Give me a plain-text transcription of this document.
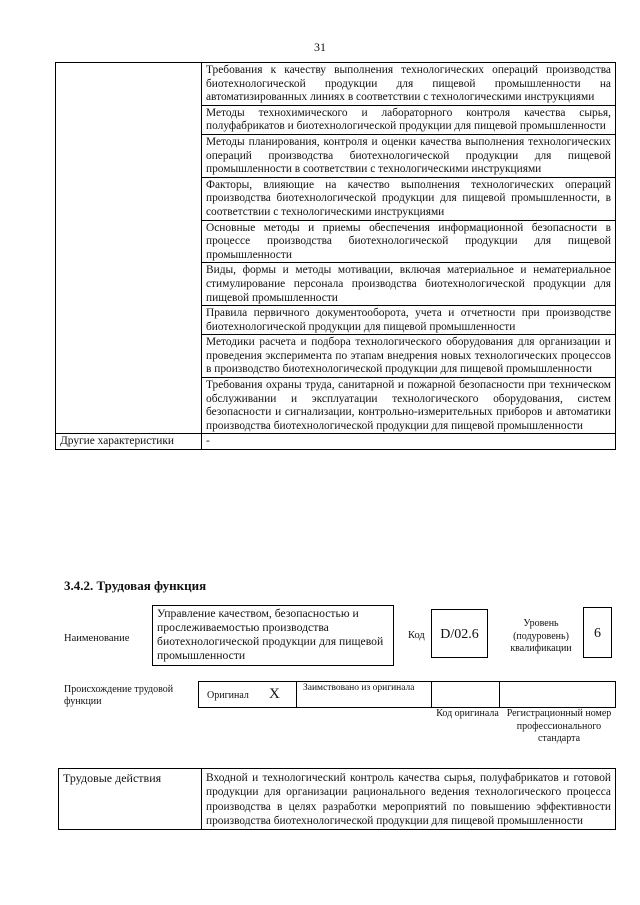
31
	Требования к качеству выполнения технологических операций производства биотехнологической продукции для пищевой промышленности на автоматизированных линиях в соответствии с технологическими инструкциями
	Методы технохимического и лабораторного контроля качества сырья, полуфабрикатов и биотехнологической продукции для пищевой промышленности
	Методы планирования, контроля и оценки качества выполнения технологических операций производства биотехнологической продукции для пищевой промышленности в соответствии с технологическими инструкциями
	Факторы, влияющие на качество выполнения технологических операций производства биотехнологической продукции для пищевой промышленности, в соответствии с технологическими инструкциями
	Основные методы и приемы обеспечения информационной безопасности в процессе производства биотехнологической продукции для пищевой промышленности
	Виды, формы и методы мотивации, включая материальное и нематериальное стимулирование персонала производства биотехнологической продукции для пищевой промышленности
	Правила первичного документооборота, учета и отчетности при производстве биотехнологической продукции для пищевой промышленности
	Методики расчета и подбора технологического оборудования для организации и проведения эксперимента по этапам внедрения новых технологических процессов в производство биотехнологической продукции для пищевой промышленности
	Требования охраны труда, санитарной и пожарной безопасности при техническом обслуживании и эксплуатации технологического оборудования, систем безопасности и сигнализации, контрольно-измерительных приборов и автоматики производства биотехнологической продукции для пищевой промышленности
Другие характеристики	-
3.4.2. Трудовая функция
Наименование
Управление качеством, безопасностью и прослеживаемостью производства биотехнологической продукции для пищевой промышленности
Код	D/02.6
Уровень (подуровень) квалификации
6
Происхождение трудовой функции
Оригинал X Заимствовано из оригинала
Код оригинала Регистрационный номер профессионального стандарта
Трудовые действия	Входной и технологический контроль качества сырья, полуфабрикатов и готовой продукции для организации рационального ведения технологического процесса производства в целях разработки мероприятий по повышению эффективности производства биотехнологической продукции для пищевой промышленности
